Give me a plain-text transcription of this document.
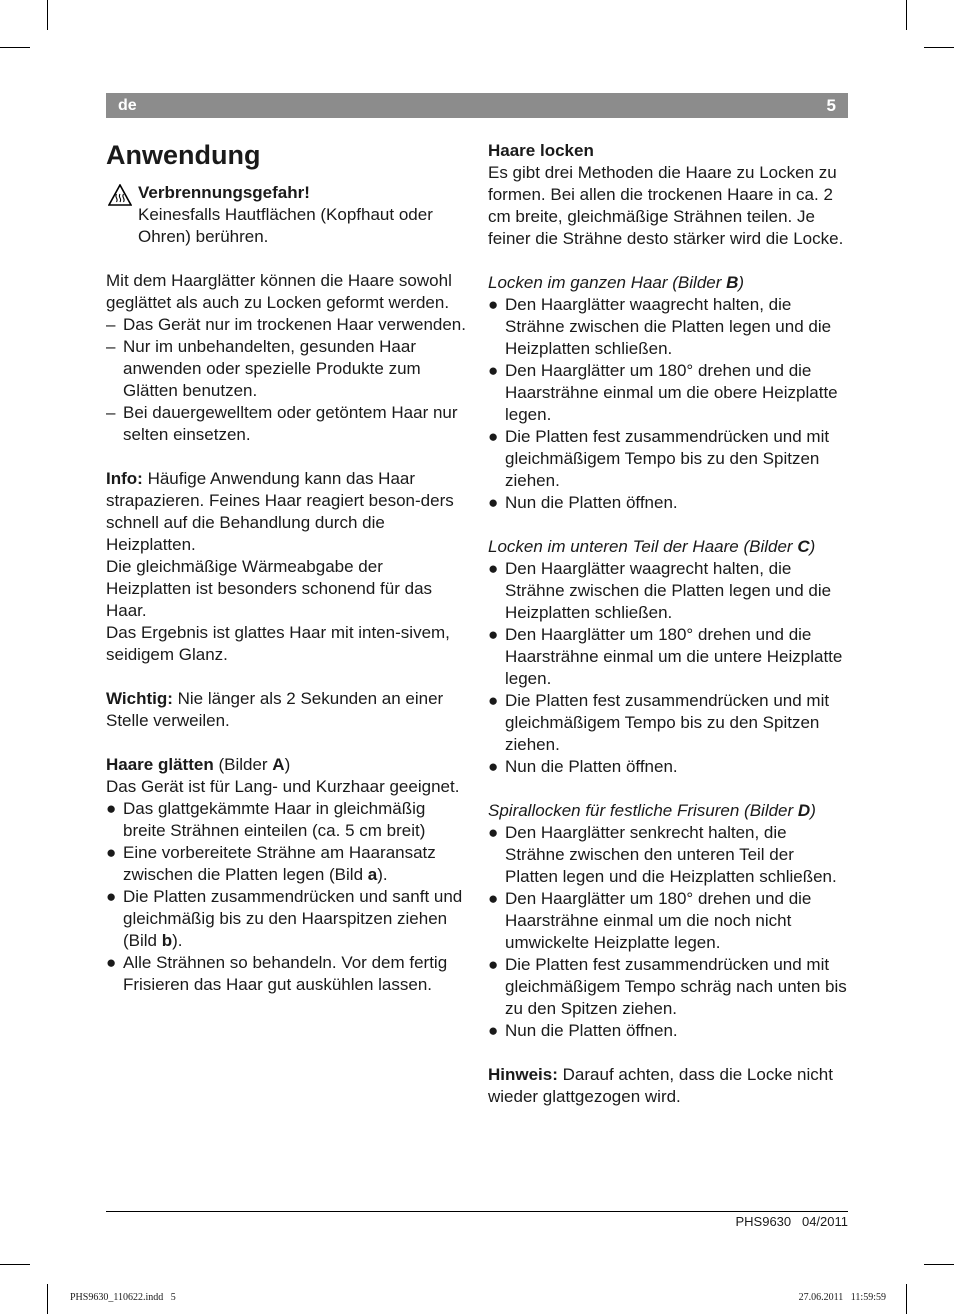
de	5
Anwendung

Verbrennungsgefahr!

Keinesfalls Hautflächen (Kopfhaut oder Ohren) berühren.

Mit dem Haarglätter können die Haare sowohl geglättet als auch zu Locken geformt werden.

– Das Gerät nur im trockenen Haar verwenden.
– Nur im unbehandelten, gesunden Haar anwenden oder spezielle Produkte zum Glätten benutzen.
– Bei dauergewelltem oder getöntem Haar nur selten einsetzen.

Info: Häufige Anwendung kann das Haar strapazieren. Feines Haar reagiert beson-ders schnell auf die Behandlung durch die Heizplatten.

Die gleichmäßige Wärmeabgabe der Heizplatten ist besonders schonend für das Haar.

Das Ergebnis ist glattes Haar mit inten-sivem, seidigem Glanz.

Wichtig: Nie länger als 2 Sekunden an einer Stelle verweilen.

Haare glätten (Bilder A)

Das Gerät ist für Lang- und Kurzhaar geeignet.

● Das glattgekämmte Haar in gleichmäßig breite Strähnen einteilen (ca. 5 cm breit)
● Eine vorbereitete Strähne am Haaransatz zwischen die Platten legen (Bild a).
● Die Platten zusammendrücken und sanft und gleichmäßig bis zu den Haarspitzen ziehen (Bild b).
● Alle Strähnen so behandeln. Vor dem fertig Frisieren das Haar gut auskühlen lassen.

Haare locken

Es gibt drei Methoden die Haare zu Locken zu formen. Bei allen die trockenen Haare in ca. 2 cm breite, gleichmäßige Strähnen teilen. Je feiner die Strähne desto stärker wird die Locke.

Locken im ganzen Haar (Bilder B)

● Den Haarglätter waagrecht halten, die Strähne zwischen die Platten legen und die Heizplatten schließen.
● Den Haarglätter um 180° drehen und die Haarsträhne einmal um die obere Heizplatte legen.
● Die Platten fest zusammendrücken und mit gleichmäßigem Tempo bis zu den Spitzen ziehen.
● Nun die Platten öffnen.

Locken im unteren Teil der Haare (Bilder C)

● Den Haarglätter waagrecht halten, die Strähne zwischen die Platten legen und die Heizplatten schließen.
● Den Haarglätter um 180° drehen und die Haarsträhne einmal um die untere Heizplatte legen.
● Die Platten fest zusammendrücken und mit gleichmäßigem Tempo bis zu den Spitzen ziehen.
● Nun die Platten öffnen.

Spirallocken für festliche Frisuren (Bilder D)

● Den Haarglätter senkrecht halten, die Strähne zwischen den unteren Teil der Platten legen und die Heizplatten schließen.
● Den Haarglätter um 180° drehen und die Haarsträhne einmal um die noch nicht umwickelte Heizplatte legen.
● Die Platten fest zusammendrücken und mit gleichmäßigem Tempo schräg nach unten bis zu den Spitzen ziehen.
● Nun die Platten öffnen.

Hinweis: Darauf achten, dass die Locke nicht wieder glattgezogen wird.

PHS9630   04/2011
PHS9630_110622.indd   5	27.06.2011   11:59:59
